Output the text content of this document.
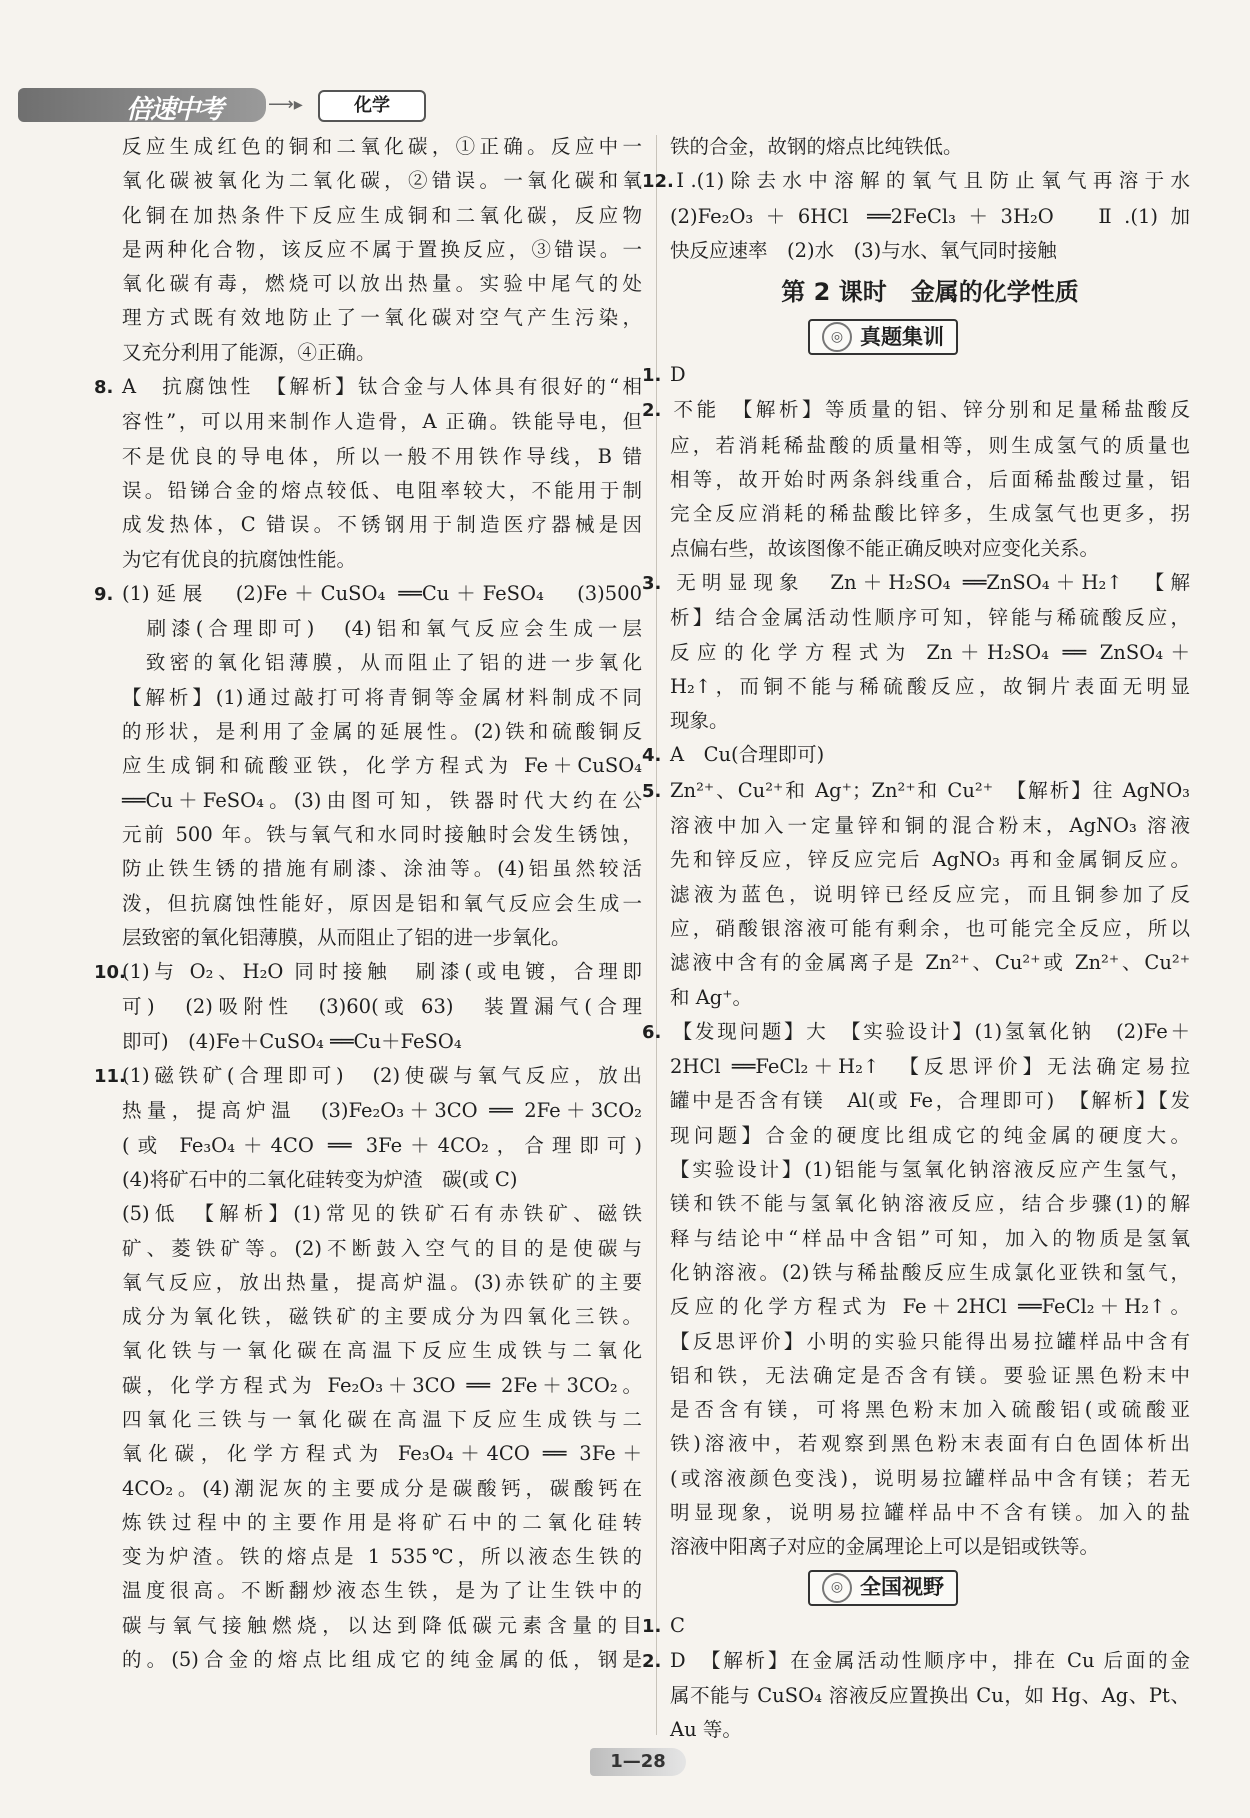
倍速中考	⟶▸	化学
反应生成红色的铜和二氧化碳，①正确。反应中一
氧化碳被氧化为二氧化碳，②错误。一氧化碳和氧
化铜在加热条件下反应生成铜和二氧化碳，反应物
是两种化合物，该反应不属于置换反应，③错误。一
氧化碳有毒，燃烧可以放出热量。实验中尾气的处
理方式既有效地防止了一氧化碳对空气产生污染，
又充分利用了能源，④正确。
8. A　抗腐蚀性　【解析】钛合金与人体具有很好的“相
容性”，可以用来制作人造骨，A 正确。铁能导电，但
不是优良的导电体，所以一般不用铁作导线，B 错
误。铅锑合金的熔点较低、电阻率较大，不能用于制
成发热体，C 错误。不锈钢用于制造医疗器械是因
为它有优良的抗腐蚀性能。
9. (1)延展　(2)Fe＋CuSO₄ ══Cu＋FeSO₄　(3)500
　刷漆(合理即可)　(4)铝和氧气反应会生成一层
　致密的氧化铝薄膜，从而阻止了铝的进一步氧化
【解析】(1)通过敲打可将青铜等金属材料制成不同
的形状，是利用了金属的延展性。(2)铁和硫酸铜反
应生成铜和硫酸亚铁，化学方程式为 Fe＋CuSO₄
══Cu＋FeSO₄。(3)由图可知，铁器时代大约在公
元前 500 年。铁与氧气和水同时接触时会发生锈蚀，
防止铁生锈的措施有刷漆、涂油等。(4)铝虽然较活
泼，但抗腐蚀性能好，原因是铝和氧气反应会生成一
层致密的氧化铝薄膜，从而阻止了铝的进一步氧化。
10.(1)与 O₂、H₂O 同时接触　刷漆(或电镀，合理即
可)　(2)吸附性　(3)60(或 63)　装置漏气(合理
即可)　(4)Fe＋CuSO₄ ══Cu＋FeSO₄
11.(1)磁铁矿(合理即可)　(2)使碳与氧气反应，放出
热量，提高炉温　(3)Fe₂O₃＋3CO ══ 2Fe＋3CO₂
(或 Fe₃O₄＋4CO ══ 3Fe＋4CO₂，合理即可)
(4)将矿石中的二氧化硅转变为炉渣　碳(或 C)
(5)低　【解析】(1)常见的铁矿石有赤铁矿、磁铁
矿、菱铁矿等。(2)不断鼓入空气的目的是使碳与
氧气反应，放出热量，提高炉温。(3)赤铁矿的主要
成分为氧化铁，磁铁矿的主要成分为四氧化三铁。
氧化铁与一氧化碳在高温下反应生成铁与二氧化
碳，化学方程式为 Fe₂O₃＋3CO ══ 2Fe＋3CO₂。
四氧化三铁与一氧化碳在高温下反应生成铁与二
氧化碳，化学方程式为 Fe₃O₄＋4CO ══ 3Fe＋
4CO₂。(4)潮泥灰的主要成分是碳酸钙，碳酸钙在
炼铁过程中的主要作用是将矿石中的二氧化硅转
变为炉渣。铁的熔点是 1 535℃，所以液态生铁的
温度很高。不断翻炒液态生铁，是为了让生铁中的
碳与氧气接触燃烧，以达到降低碳元素含量的目
的。(5)合金的熔点比组成它的纯金属的低，钢是
铁的合金，故钢的熔点比纯铁低。
12.Ⅰ.(1)除去水中溶解的氧气且防止氧气再溶于水
(2)Fe₂O₃＋6HCl ══2FeCl₃＋3H₂O　Ⅱ.(1)加
快反应速率　(2)水　(3)与水、氧气同时接触
第 2 课时　金属的化学性质
◎ 真题集训
1. D
2. 不能　【解析】等质量的铝、锌分别和足量稀盐酸反
应，若消耗稀盐酸的质量相等，则生成氢气的质量也
相等，故开始时两条斜线重合，后面稀盐酸过量，铝
完全反应消耗的稀盐酸比锌多，生成氢气也更多，拐
点偏右些，故该图像不能正确反映对应变化关系。
3. 无明显现象　Zn＋H₂SO₄ ══ZnSO₄＋H₂↑　【解
析】结合金属活动性顺序可知，锌能与稀硫酸反应，
反应的化学方程式为 Zn＋H₂SO₄ ══ ZnSO₄＋
H₂↑，而铜不能与稀硫酸反应，故铜片表面无明显
现象。
4. A　Cu(合理即可)
5. Zn²⁺、Cu²⁺和 Ag⁺；Zn²⁺和 Cu²⁺　【解析】往 AgNO₃
溶液中加入一定量锌和铜的混合粉末，AgNO₃ 溶液
先和锌反应，锌反应完后 AgNO₃ 再和金属铜反应。
滤液为蓝色，说明锌已经反应完，而且铜参加了反
应，硝酸银溶液可能有剩余，也可能完全反应，所以
滤液中含有的金属离子是 Zn²⁺、Cu²⁺或 Zn²⁺、Cu²⁺
和 Ag⁺。
6. 【发现问题】大　【实验设计】(1)氢氧化钠　(2)Fe＋
2HCl ══FeCl₂＋H₂↑　【反思评价】无法确定易拉
罐中是否含有镁　Al(或 Fe，合理即可)　【解析】【发
现问题】合金的硬度比组成它的纯金属的硬度大。
【实验设计】(1)铝能与氢氧化钠溶液反应产生氢气，
镁和铁不能与氢氧化钠溶液反应，结合步骤(1)的解
释与结论中“样品中含铝”可知，加入的物质是氢氧
化钠溶液。(2)铁与稀盐酸反应生成氯化亚铁和氢气，
反应的化学方程式为 Fe＋2HCl ══FeCl₂＋H₂↑。
【反思评价】小明的实验只能得出易拉罐样品中含有
铝和铁，无法确定是否含有镁。要验证黑色粉末中
是否含有镁，可将黑色粉末加入硫酸铝(或硫酸亚
铁)溶液中，若观察到黑色粉末表面有白色固体析出
(或溶液颜色变浅)，说明易拉罐样品中含有镁；若无
明显现象，说明易拉罐样品中不含有镁。加入的盐
溶液中阳离子对应的金属理论上可以是铝或铁等。
◎ 全国视野
1. C
2. D　【解析】在金属活动性顺序中，排在 Cu 后面的金
属不能与 CuSO₄ 溶液反应置换出 Cu，如 Hg、Ag、Pt、
Au 等。
1—28
